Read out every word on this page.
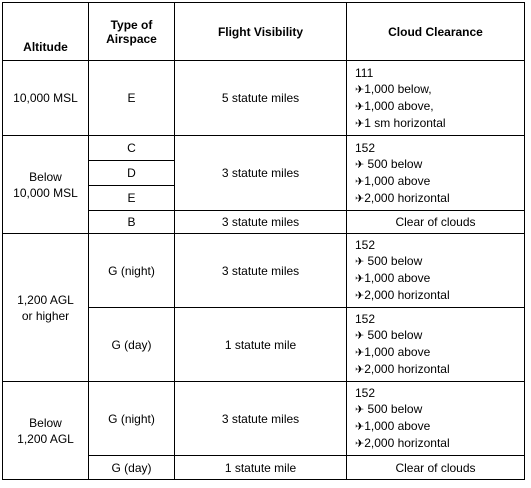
Altitude	Type of Airspace	Flight Visibility	Cloud Clearance
10,000 MSL	E	5 statute miles	111
✈1,000 below,
✈1,000 above,
✈1 sm horizontal

Below 10,000 MSL	C	3 statute miles	152
✈ 500 below
✈1,000 above
✈2,000 horizontal

	D		
	E		
	B	3 statute miles	Clear of clouds
1,200 AGL or higher	G (night)	3 statute miles	152
✈ 500 below
✈1,000 above
✈2,000 horizontal

	G (day)	1 statute mile	152
✈ 500 below
✈1,000 above
✈2,000 horizontal

Below 1,200 AGL	G (night)	3 statute miles	152
✈ 500 below
✈1,000 above
✈2,000 horizontal

	G (day)	1 statute mile	Clear of clouds
